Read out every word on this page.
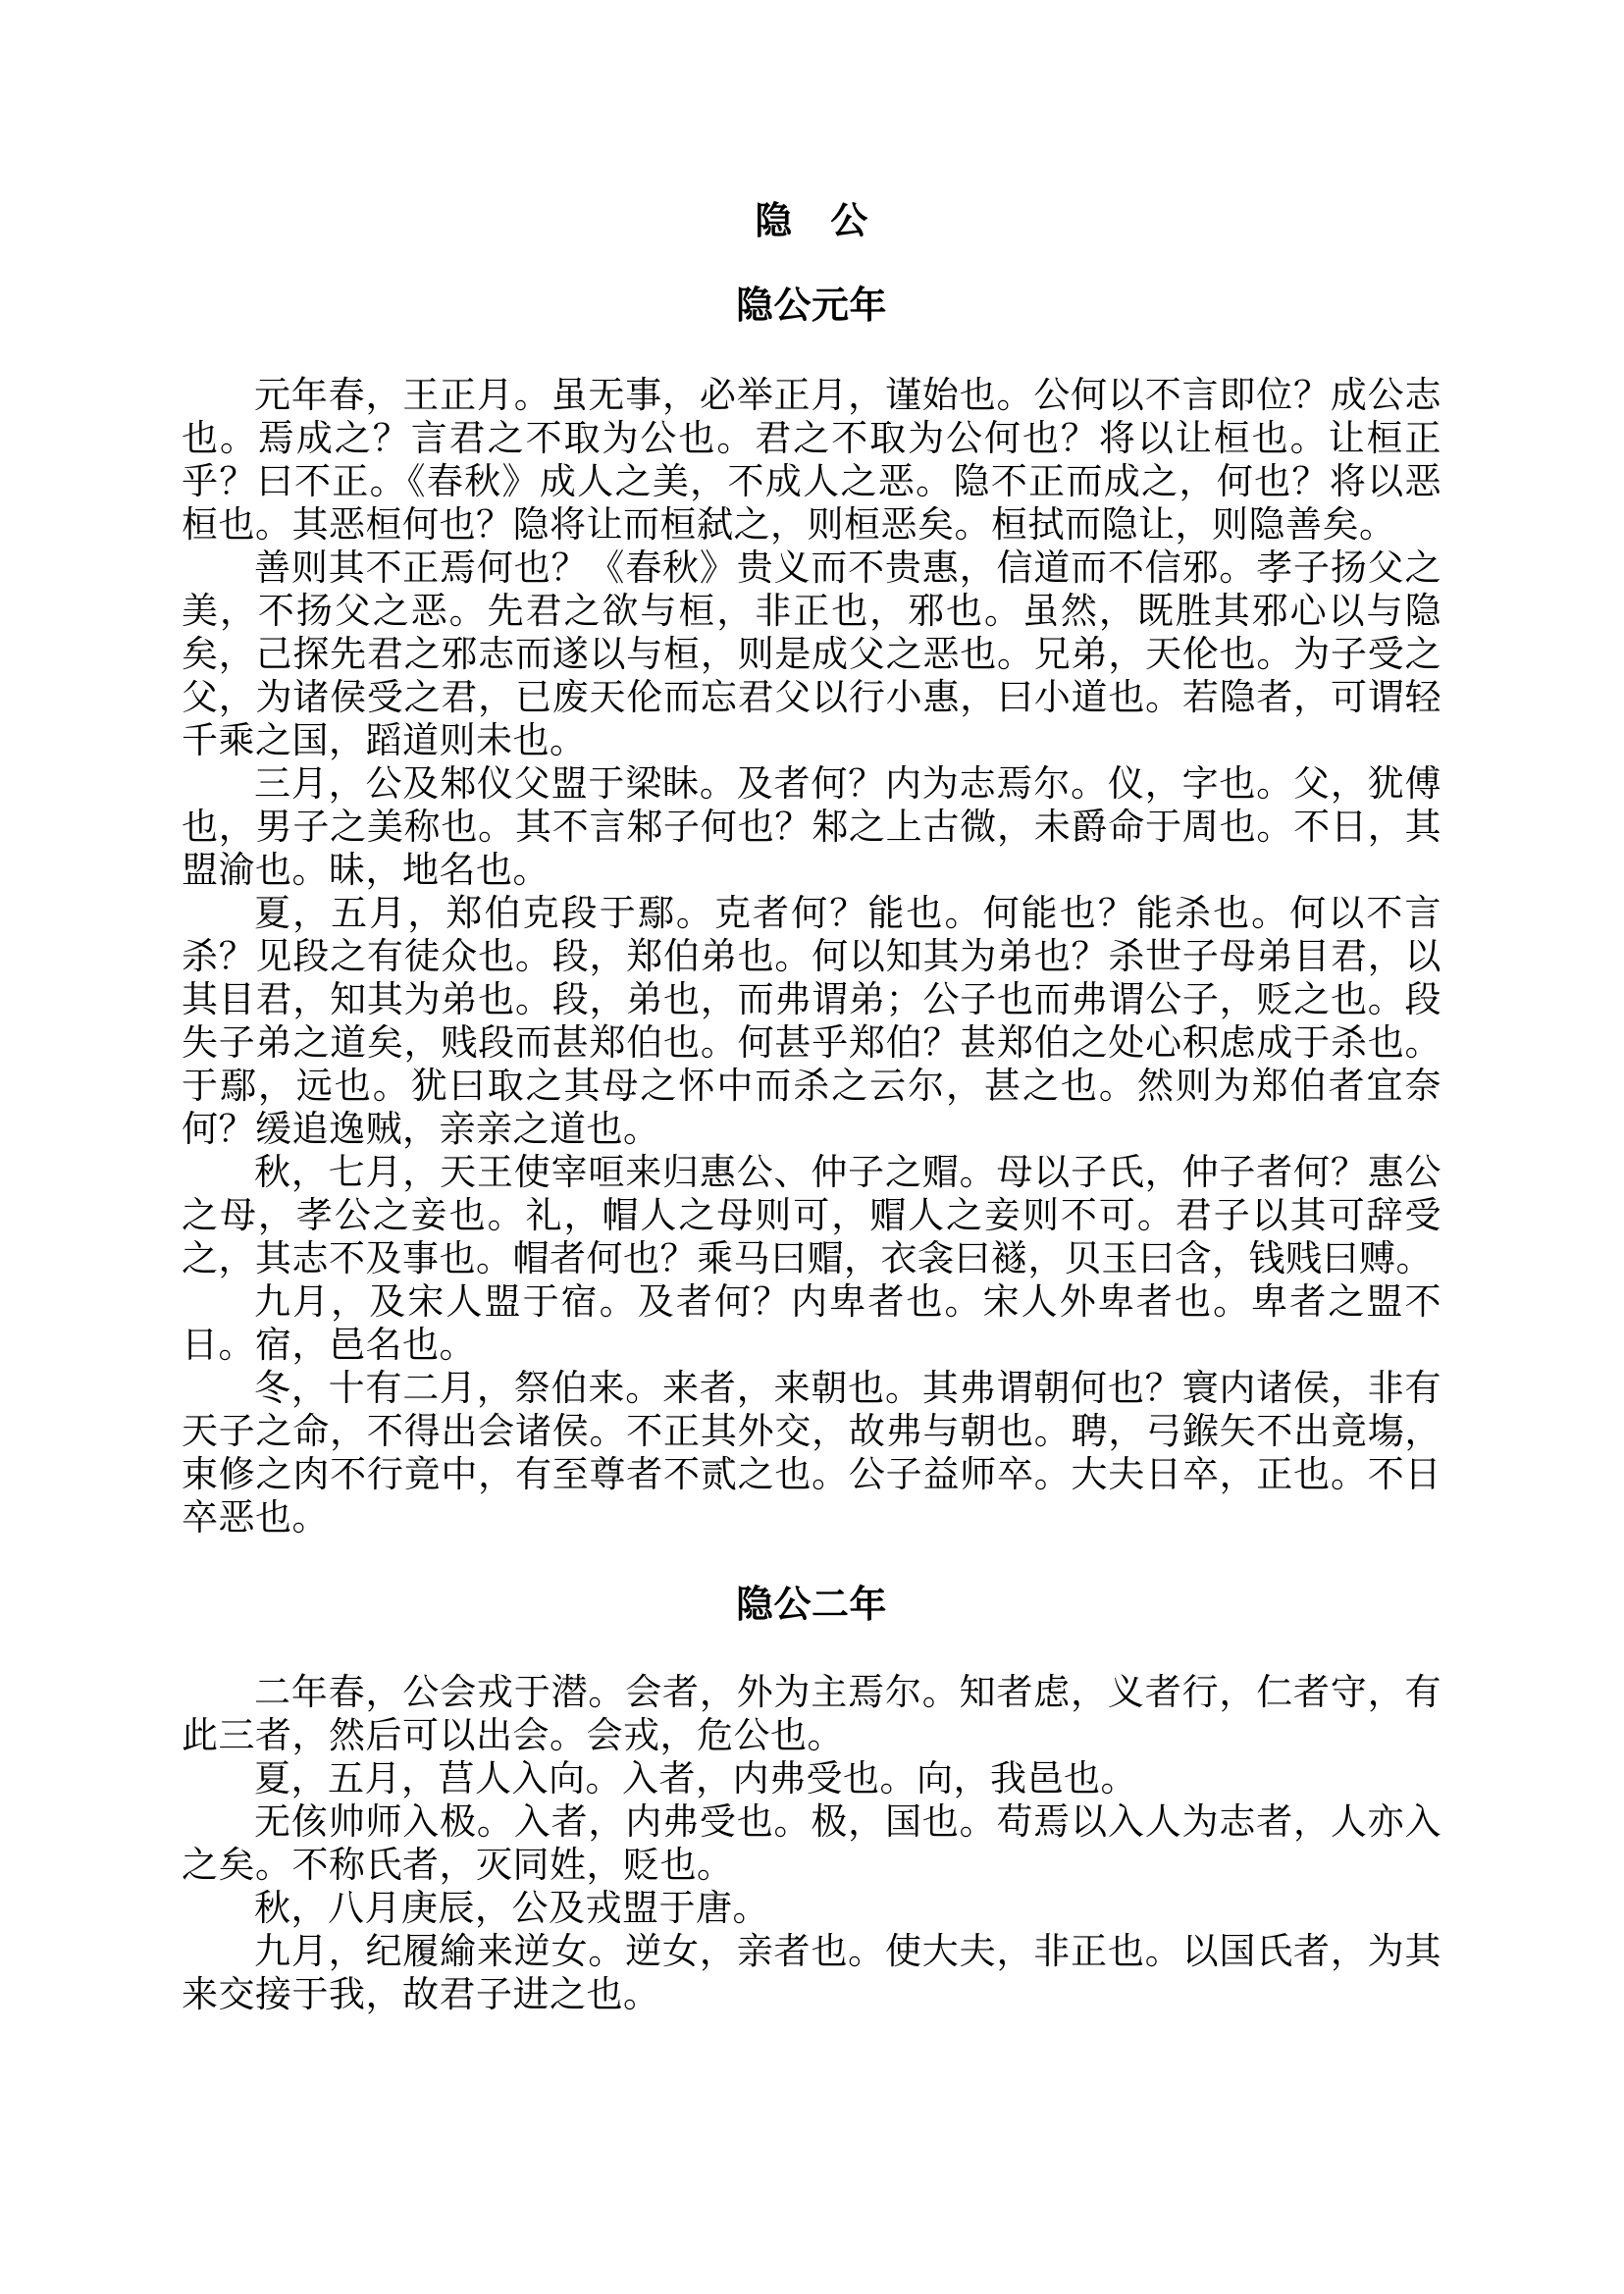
隐　公
隐公元年

元年春，王正月。虽无事，必举正月，谨始也。公何以不言即位？成公志也。焉成之？言君之不取为公也。君之不取为公何也？将以让桓也。让桓正乎？曰不正。《春秋》成人之美，不成人之恶。隐不正而成之，何也？将以恶桓也。其恶桓何也？隐将让而桓弑之，则桓恶矣。桓拭而隐让，则隐善矣。

善则其不正焉何也？《春秋》贵义而不贵惠，信道而不信邪。孝子扬父之美，不扬父之恶。先君之欲与桓，非正也，邪也。虽然，既胜其邪心以与隐矣，己探先君之邪志而遂以与桓，则是成父之恶也。兄弟，天伦也。为子受之父，为诸侯受之君，已废天伦而忘君父以行小惠，曰小道也。若隐者，可谓轻千乘之国，蹈道则未也。

三月，公及邾仪父盟于梁眛。及者何？内为志焉尔。仪，字也。父，犹傅也，男子之美称也。其不言邾子何也？邾之上古微，未爵命于周也。不日，其盟渝也。昧，地名也。

夏，五月，郑伯克段于鄢。克者何？能也。何能也？能杀也。何以不言杀？见段之有徒众也。段，郑伯弟也。何以知其为弟也？杀世子母弟目君，以其目君，知其为弟也。段，弟也，而弗谓弟；公子也而弗谓公子，贬之也。段失子弟之道矣，贱段而甚郑伯也。何甚乎郑伯？甚郑伯之处心积虑成于杀也。于鄢，远也。犹曰取之其母之怀中而杀之云尔，甚之也。然则为郑伯者宜奈何？缓追逸贼，亲亲之道也。

秋，七月，天王使宰咺来归惠公、仲子之赗。母以子氏，仲子者何？惠公之母，孝公之妾也。礼，帽人之母则可，赗人之妾则不可。君子以其可辞受之，其志不及事也。帽者何也？乘马曰赗，衣衾曰襚，贝玉曰含，钱贱曰赙。

九月，及宋人盟于宿。及者何？内卑者也。宋人外卑者也。卑者之盟不日。宿，邑名也。

冬，十有二月，祭伯来。来者，来朝也。其弗谓朝何也？寰内诸侯，非有天子之命，不得出会诸侯。不正其外交，故弗与朝也。聘，弓鍭矢不出竟塲，束修之肉不行竟中，有至尊者不贰之也。公子益师卒。大夫日卒，正也。不日卒恶也。

隐公二年

二年春，公会戎于潜。会者，外为主焉尔。知者虑，义者行，仁者守，有此三者，然后可以出会。会戎，危公也。

夏，五月，莒人入向。入者，内弗受也。向，我邑也。

无侅帅师入极。入者，内弗受也。极，国也。苟焉以入人为志者，人亦入之矣。不称氏者，灭同姓，贬也。

秋，八月庚辰，公及戎盟于唐。

九月，纪履緰来逆女。逆女，亲者也。使大夫，非正也。以国氏者，为其来交接于我，故君子进之也。
